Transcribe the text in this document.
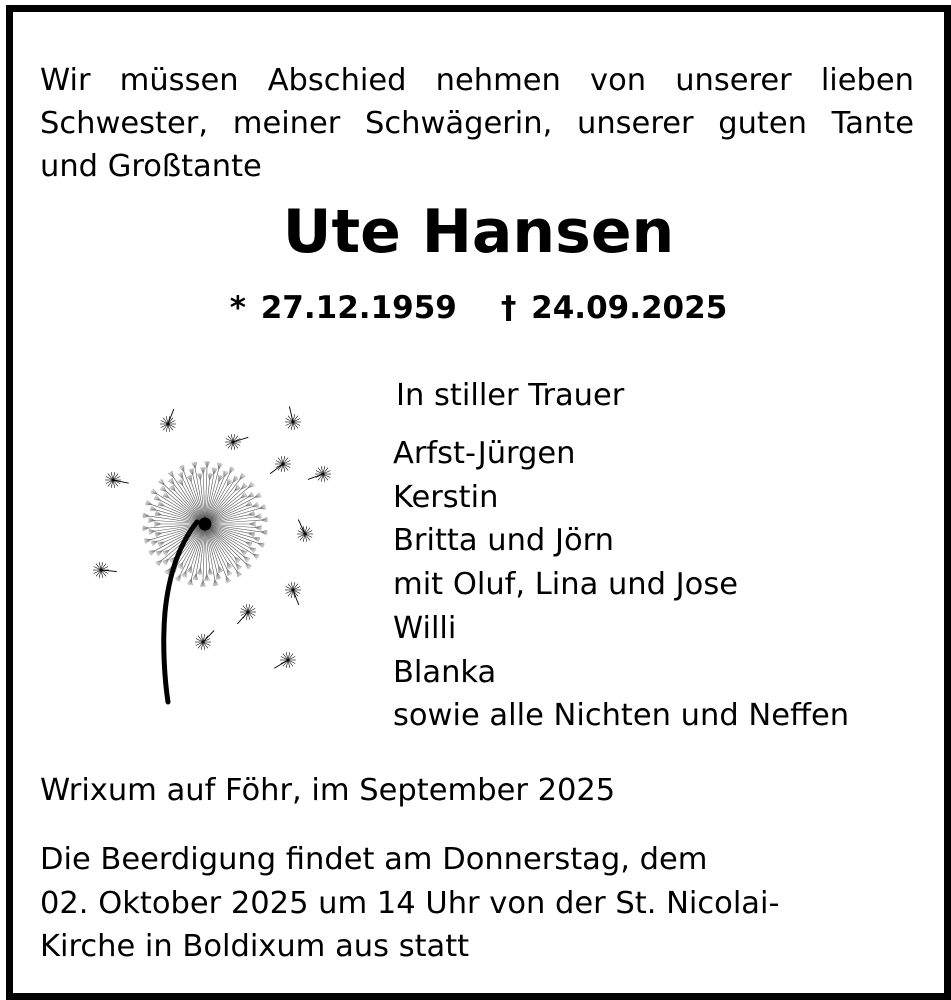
Wir müssen Abschied nehmen von unserer lieben
Schwester, meiner Schwägerin, unserer guten Tante
und Großtante
Ute Hansen
* 27.12.1959 † 24.09.2025
In stiller Trauer
Arfst-Jürgen
Kerstin
Britta und Jörn
mit Oluf, Lina und Jose
Willi
Blanka
sowie alle Nichten und Neffen
Wrixum auf Föhr, im September 2025
Die Beerdigung findet am Donnerstag, dem
02. Oktober 2025 um 14 Uhr von der St. Nicolai-
Kirche in Boldixum aus statt
